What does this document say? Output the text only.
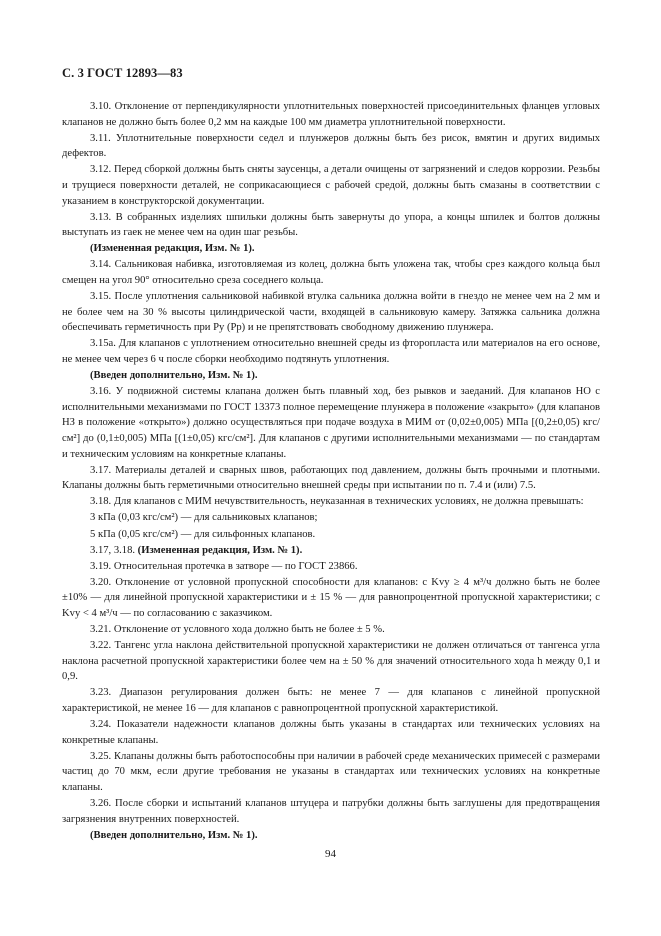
С. 3 ГОСТ 12893—83

3.10. Отклонение от перпендикулярности уплотнительных поверхностей присоединительных фланцев угловых клапанов не должно быть более 0,2 мм на каждые 100 мм диаметра уплотнительной поверхности.

3.11. Уплотнительные поверхности седел и плунжеров должны быть без рисок, вмятин и других видимых дефектов.

3.12. Перед сборкой должны быть сняты заусенцы, а детали очищены от загрязнений и следов коррозии. Резьбы и трущиеся поверхности деталей, не соприкасающиеся с рабочей средой, должны быть смазаны в соответствии с указанием в конструкторской документации.

3.13. В собранных изделиях шпильки должны быть завернуты до упора, а концы шпилек и болтов должны выступать из гаек не менее чем на один шаг резьбы.

(Измененная редакция, Изм. № 1).

3.14. Сальниковая набивка, изготовляемая из колец, должна быть уложена так, чтобы срез каждого кольца был смещен на угол 90° относительно среза соседнего кольца.

3.15. После уплотнения сальниковой набивкой втулка сальника должна войти в гнездо не менее чем на 2 мм и не более чем на 30 % высоты цилиндрической части, входящей в сальниковую камеру. Затяжка сальника должна обеспечивать герметичность при Pу (Pр) и не препятствовать свободному движению плунжера.

3.15а. Для клапанов с уплотнением относительно внешней среды из фторопласта или материалов на его основе, не менее чем через 6 ч после сборки необходимо подтянуть уплотнения.

(Введен дополнительно, Изм. № 1).

3.16. У подвижной системы клапана должен быть плавный ход, без рывков и заеданий. Для клапанов НО с исполнительными механизмами по ГОСТ 13373 полное перемещение плунжера в положение «закрыто» (для клапанов НЗ в положение «открыто») должно осуществляться при подаче воздуха в МИМ от (0,02±0,005) МПа [(0,2±0,05) кгс/см²] до (0,1±0,005) МПа [(1±0,05) кгс/см²]. Для клапанов с другими исполнительными механизмами — по стандартам и техническим условиям на конкретные клапаны.

3.17. Материалы деталей и сварных швов, работающих под давлением, должны быть прочными и плотными. Клапаны должны быть герметичными относительно внешней среды при испытании по п. 7.4 и (или) 7.5.

3.18. Для клапанов с МИМ нечувствительность, неуказанная в технических условиях, не должна превышать:

3 кПа (0,03 кгс/см²) — для сальниковых клапанов;

5 кПа (0,05 кгс/см²) — для сильфонных клапанов.

3.17, 3.18. (Измененная редакция, Изм. № 1).

3.19. Относительная протечка в затворе — по ГОСТ 23866.

3.20. Отклонение от условной пропускной способности для клапанов: с Kvy ≥ 4 м³/ч должно быть не более ±10% — для линейной пропускной характеристики и ± 15 % — для равнопроцентной пропускной характеристики; с Kvy < 4 м³/ч — по согласованию с заказчиком.

3.21. Отклонение от условного хода должно быть не более ± 5 %.

3.22. Тангенс угла наклона действительной пропускной характеристики не должен отличаться от тангенса угла наклона расчетной пропускной характеристики более чем на ± 50 % для значений относительного хода h между 0,1 и 0,9.

3.23. Диапазон регулирования должен быть: не менее 7 — для клапанов с линейной пропускной характеристикой, не менее 16 — для клапанов с равнопроцентной пропускной характеристикой.

3.24. Показатели надежности клапанов должны быть указаны в стандартах или технических условиях на конкретные клапаны.

3.25. Клапаны должны быть работоспособны при наличии в рабочей среде механических примесей с размерами частиц до 70 мкм, если другие требования не указаны в стандартах или технических условиях на конкретные клапаны.

3.26. После сборки и испытаний клапанов штуцера и патрубки должны быть заглушены для предотвращения загрязнения внутренних поверхностей.

(Введен дополнительно, Изм. № 1).

94
